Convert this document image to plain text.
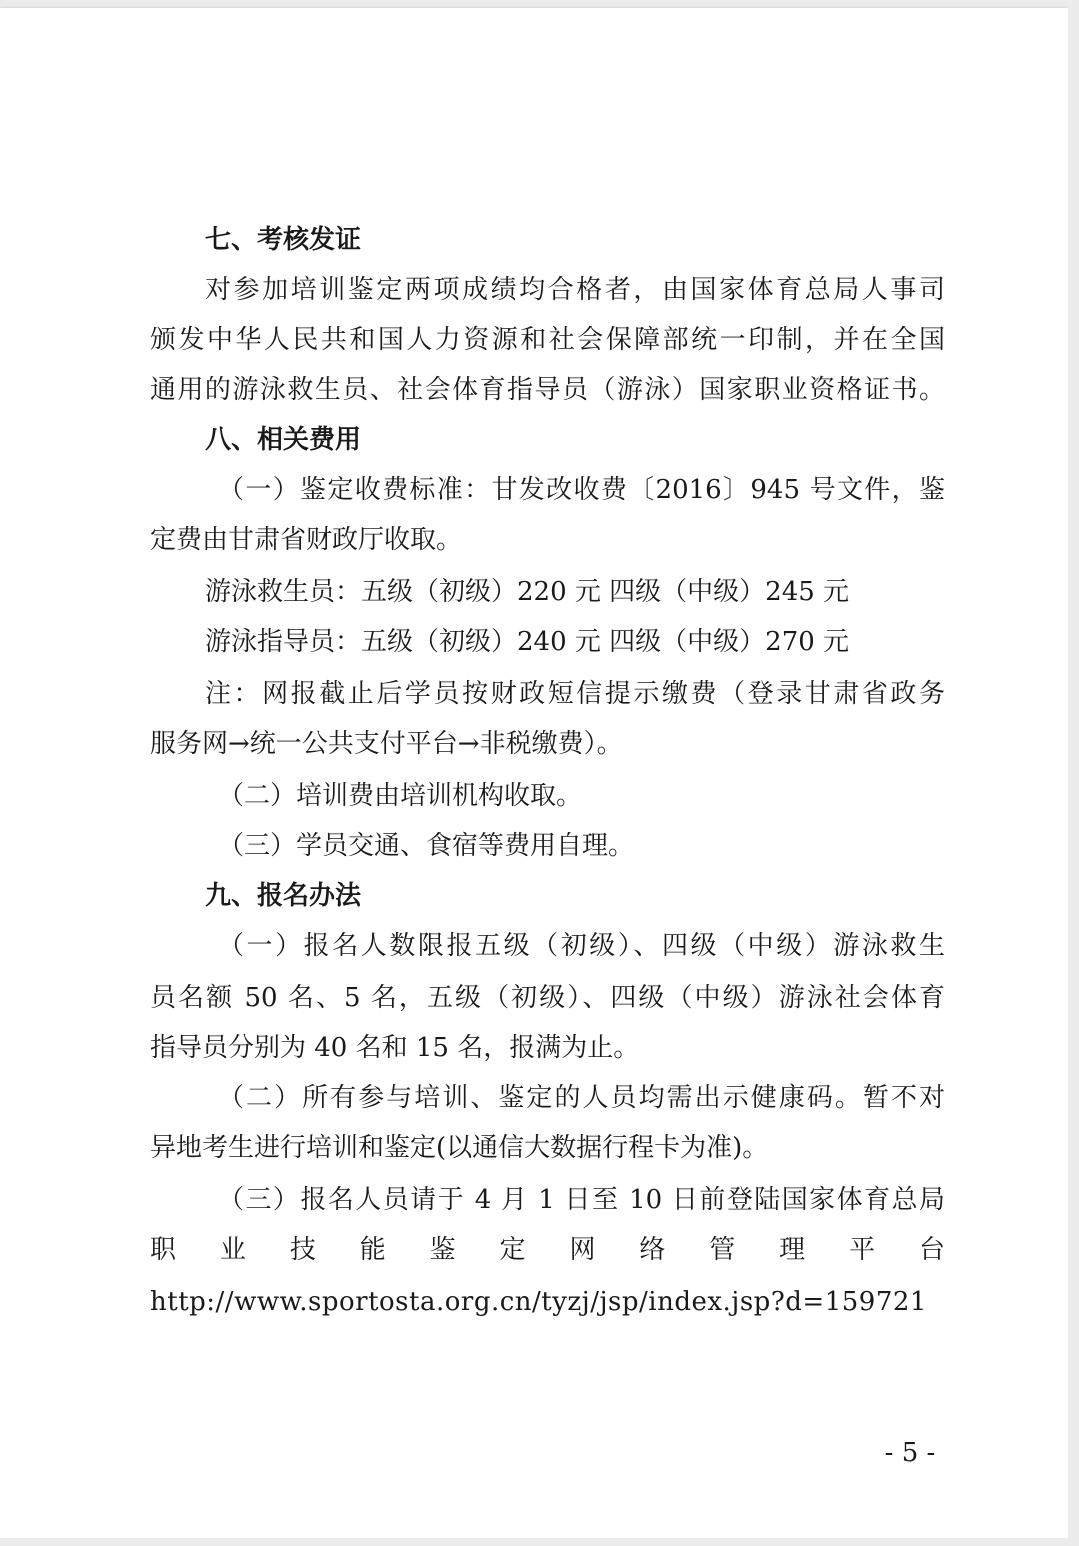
七、考核发证
对参加培训鉴定两项成绩均合格者，由国家体育总局人事司
颁发中华人民共和国人力资源和社会保障部统一印制，并在全国
通用的游泳救生员、社会体育指导员（游泳）国家职业资格证书。
八、相关费用
（一）鉴定收费标准：甘发改收费〔2016〕945 号文件，鉴
定费由甘肃省财政厅收取。
游泳救生员：五级（初级）220 元 四级（中级）245 元
游泳指导员：五级（初级）240 元 四级（中级）270 元
注：网报截止后学员按财政短信提示缴费（登录甘肃省政务
服务网→统一公共支付平台→非税缴费）。
（二）培训费由培训机构收取。
（三）学员交通、食宿等费用自理。
九、报名办法
（一）报名人数限报五级（初级）、四级（中级）游泳救生
员名额 50 名、5 名，五级（初级）、四级（中级）游泳社会体育
指导员分别为 40 名和 15 名，报满为止。
（二）所有参与培训、鉴定的人员均需出示健康码。暂不对
异地考生进行培训和鉴定(以通信大数据行程卡为准)。
（三）报名人员请于 4 月 1 日至 10 日前登陆国家体育总局
职 业 技 能 鉴 定 网 络 管 理 平 台
http://www.sportosta.org.cn/tyzj/jsp/index.jsp?d=159721
- 5 -
